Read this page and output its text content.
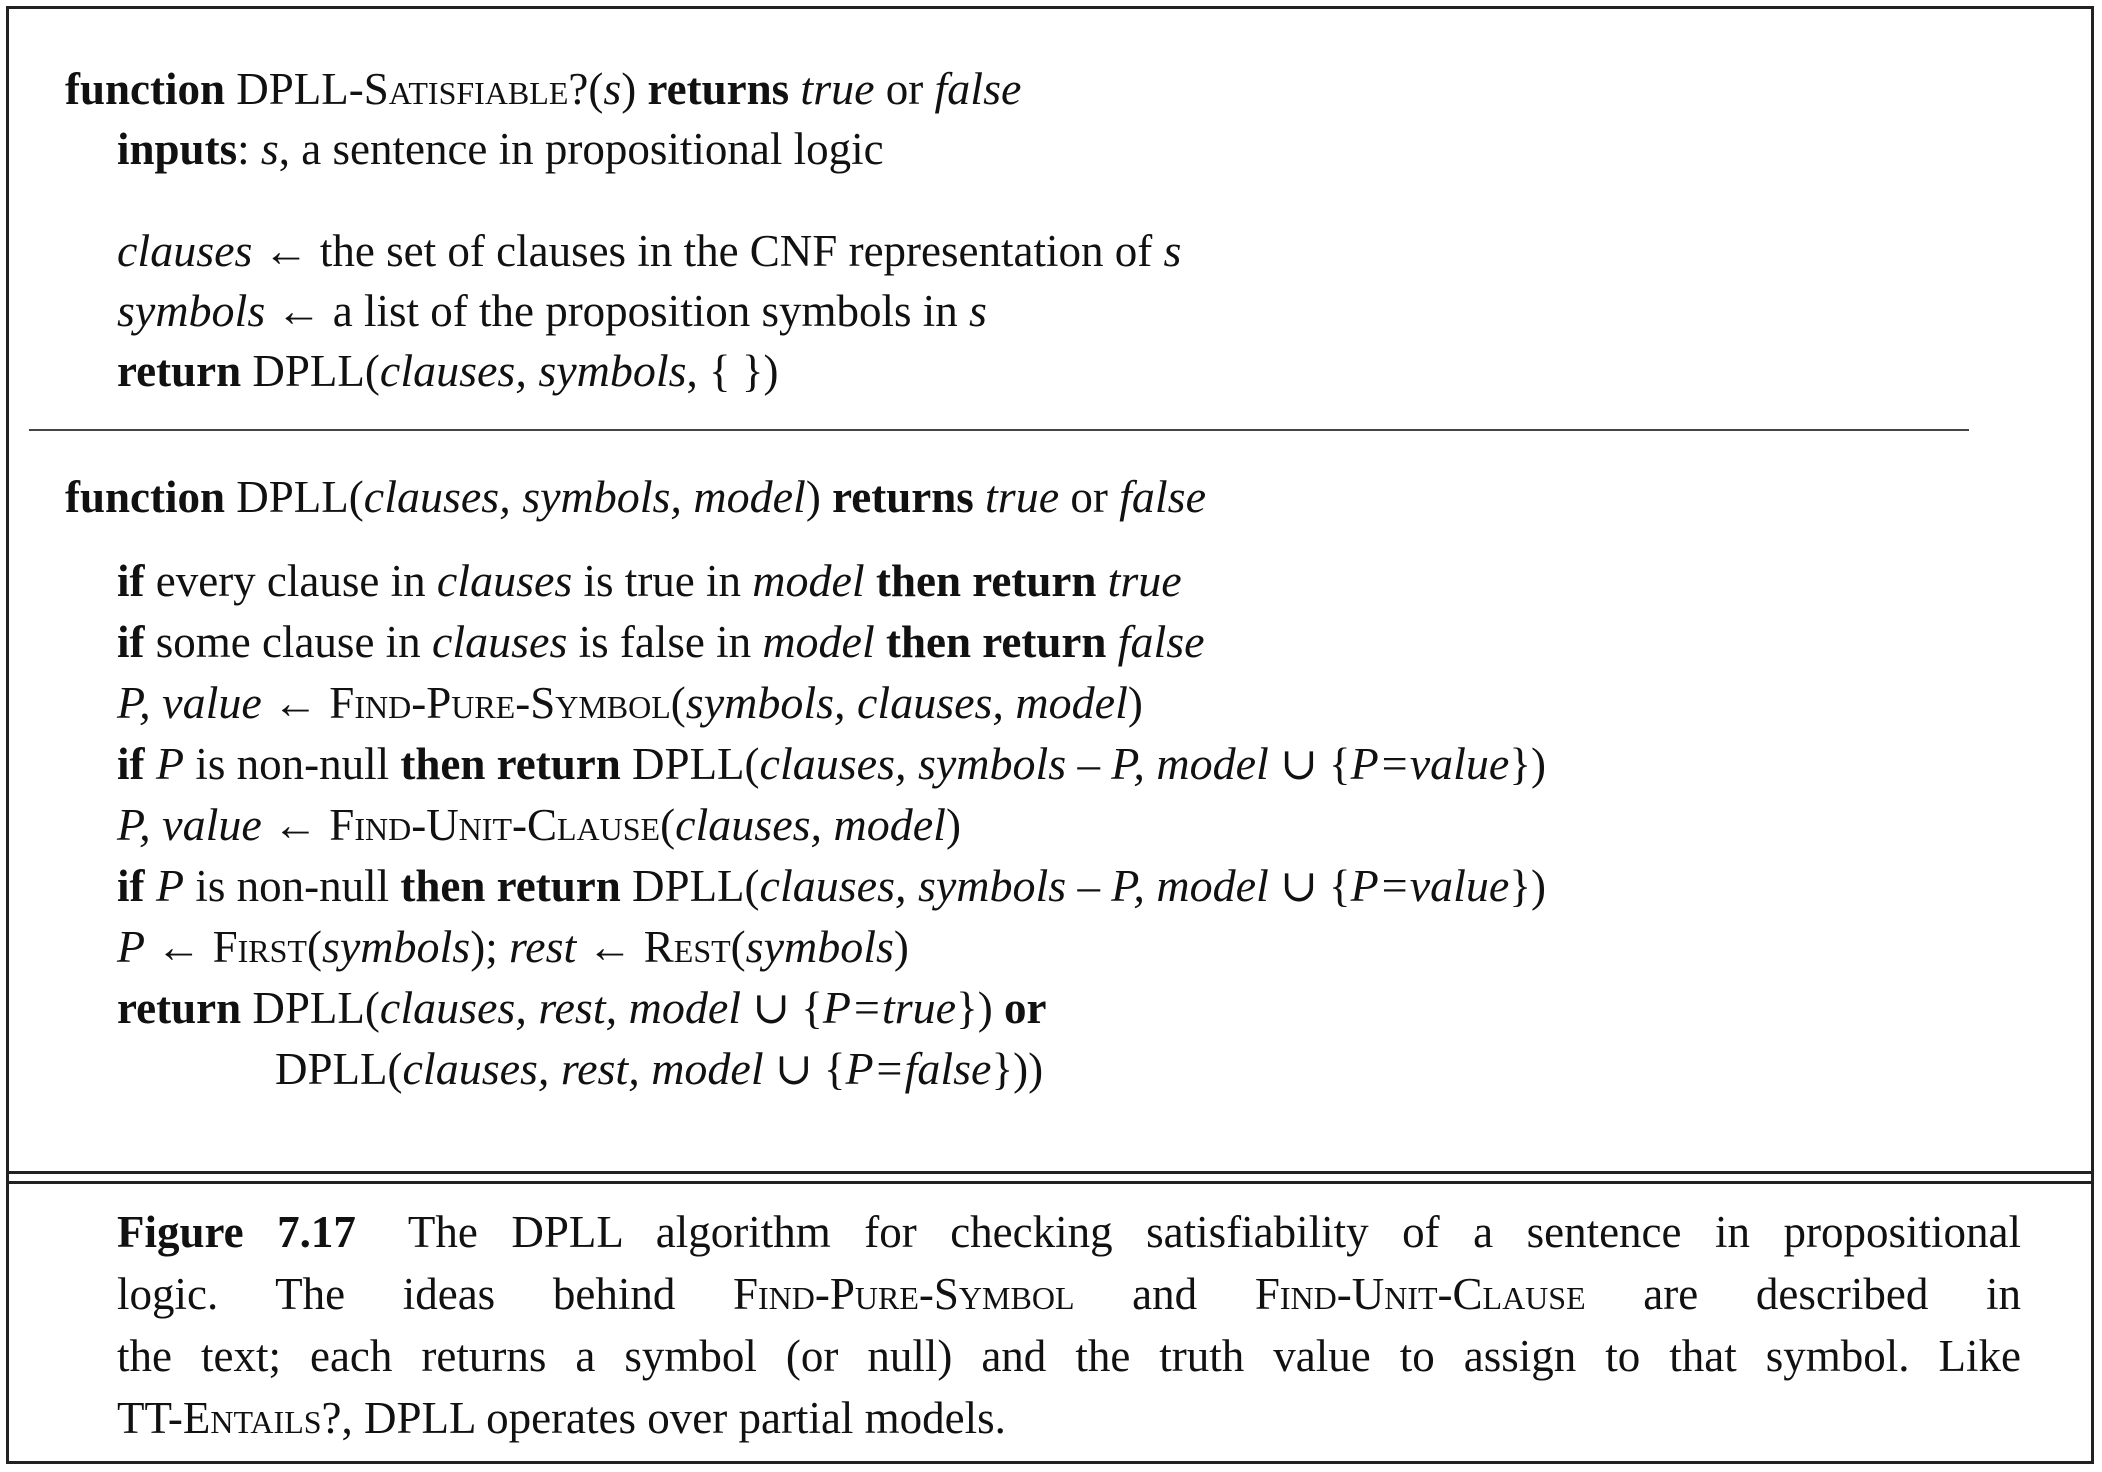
function DPLL-Satisfiable?(s) returns true or false
inputs: s, a sentence in propositional logic
clauses ← the set of clauses in the CNF representation of s
symbols ← a list of the proposition symbols in s
return DPLL(clauses, symbols, { })
function DPLL(clauses, symbols, model) returns true or false
if every clause in clauses is true in model then return true
if some clause in clauses is false in model then return false
P, value ← Find-Pure-Symbol(symbols, clauses, model)
if P is non-null then return DPLL(clauses, symbols – P, model ∪ {P=value})
P, value ← Find-Unit-Clause(clauses, model)
if P is non-null then return DPLL(clauses, symbols – P, model ∪ {P=value})
P ← First(symbols); rest ← Rest(symbols)
return DPLL(clauses, rest, model ∪ {P=true}) or
DPLL(clauses, rest, model ∪ {P=false}))
Figure 7.17 The DPLL algorithm for checking satisfiability of a sentence in propositional
logic. The ideas behind Find-Pure-Symbol and Find-Unit-Clause are described in
the text; each returns a symbol (or null) and the truth value to assign to that symbol. Like
TT-Entails?, DPLL operates over partial models.
